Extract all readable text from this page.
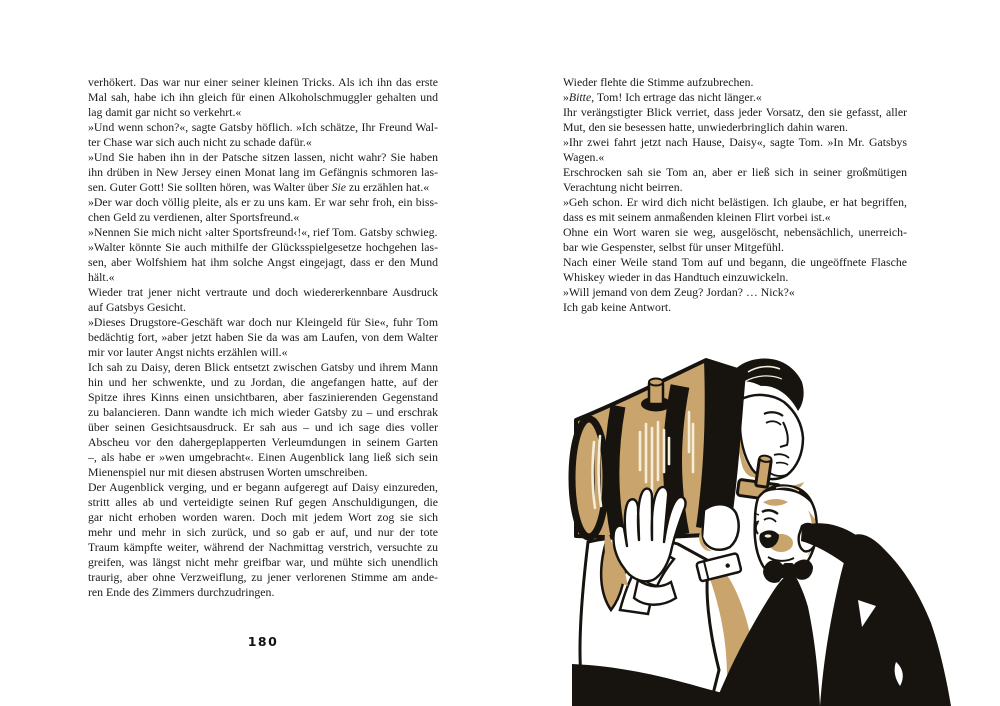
verhökert. Das war nur einer seiner kleinen Tricks. Als ich ihn das erste
Mal sah, habe ich ihn gleich für einen Alkoholschmuggler gehalten und
lag damit gar nicht so verkehrt.«
»Und wenn schon?«, sagte Gatsby höflich. »Ich schätze, Ihr Freund Wal-
ter Chase war sich auch nicht zu schade dafür.«
»Und Sie haben ihn in der Patsche sitzen lassen, nicht wahr? Sie haben
ihn drüben in New Jersey einen Monat lang im Gefängnis schmoren las-
sen. Guter Gott! Sie sollten hören, was Walter über Sie zu erzählen hat.«
»Der war doch völlig pleite, als er zu uns kam. Er war sehr froh, ein biss-
chen Geld zu verdienen, alter Sportsfreund.«
»Nennen Sie mich nicht ›alter Sportsfreund‹!«, rief Tom. Gatsby schwieg.
»Walter könnte Sie auch mithilfe der Glücksspielgesetze hochgehen las-
sen, aber Wolfshiem hat ihm solche Angst eingejagt, dass er den Mund
hält.«
Wieder trat jener nicht vertraute und doch wiedererkennbare Ausdruck
auf Gatsbys Gesicht.
»Dieses Drugstore-Geschäft war doch nur Kleingeld für Sie«, fuhr Tom
bedächtig fort, »aber jetzt haben Sie da was am Laufen, von dem Walter
mir vor lauter Angst nichts erzählen will.«
Ich sah zu Daisy, deren Blick entsetzt zwischen Gatsby und ihrem Mann
hin und her schwenkte, und zu Jordan, die angefangen hatte, auf der
Spitze ihres Kinns einen unsichtbaren, aber faszinierenden Gegenstand
zu balancieren. Dann wandte ich mich wieder Gatsby zu – und erschrak
über seinen Gesichtsausdruck. Er sah aus – und ich sage dies voller
Abscheu vor den dahergeplapperten Verleumdungen in seinem Garten
–, als habe er »wen umgebracht«. Einen Augenblick lang ließ sich sein
Mienenspiel nur mit diesen abstrusen Worten umschreiben.
Der Augenblick verging, und er begann aufgeregt auf Daisy einzureden,
stritt alles ab und verteidigte seinen Ruf gegen Anschuldigungen, die
gar nicht erhoben worden waren. Doch mit jedem Wort zog sie sich
mehr und mehr in sich zurück, und so gab er auf, und nur der tote
Traum kämpfte weiter, während der Nachmittag verstrich, versuchte zu
greifen, was längst nicht mehr greifbar war, und mühte sich unendlich
traurig, aber ohne Verzweiflung, zu jener verlorenen Stimme am ande-
ren Ende des Zimmers durchzudringen.
Wieder flehte die Stimme aufzubrechen.
»Bitte, Tom! Ich ertrage das nicht länger.«
Ihr verängstigter Blick verriet, dass jeder Vorsatz, den sie gefasst, aller
Mut, den sie besessen hatte, unwiederbringlich dahin waren.
»Ihr zwei fahrt jetzt nach Hause, Daisy«, sagte Tom. »In Mr. Gatsbys
Wagen.«
Erschrocken sah sie Tom an, aber er ließ sich in seiner großmütigen
Verachtung nicht beirren.
»Geh schon. Er wird dich nicht belästigen. Ich glaube, er hat begriffen,
dass es mit seinem anmaßenden kleinen Flirt vorbei ist.«
Ohne ein Wort waren sie weg, ausgelöscht, nebensächlich, unerreich-
bar wie Gespenster, selbst für unser Mitgefühl.
Nach einer Weile stand Tom auf und begann, die ungeöffnete Flasche
Whiskey wieder in das Handtuch einzuwickeln.
»Will jemand von dem Zeug? Jordan? … Nick?«
Ich gab keine Antwort.
180
